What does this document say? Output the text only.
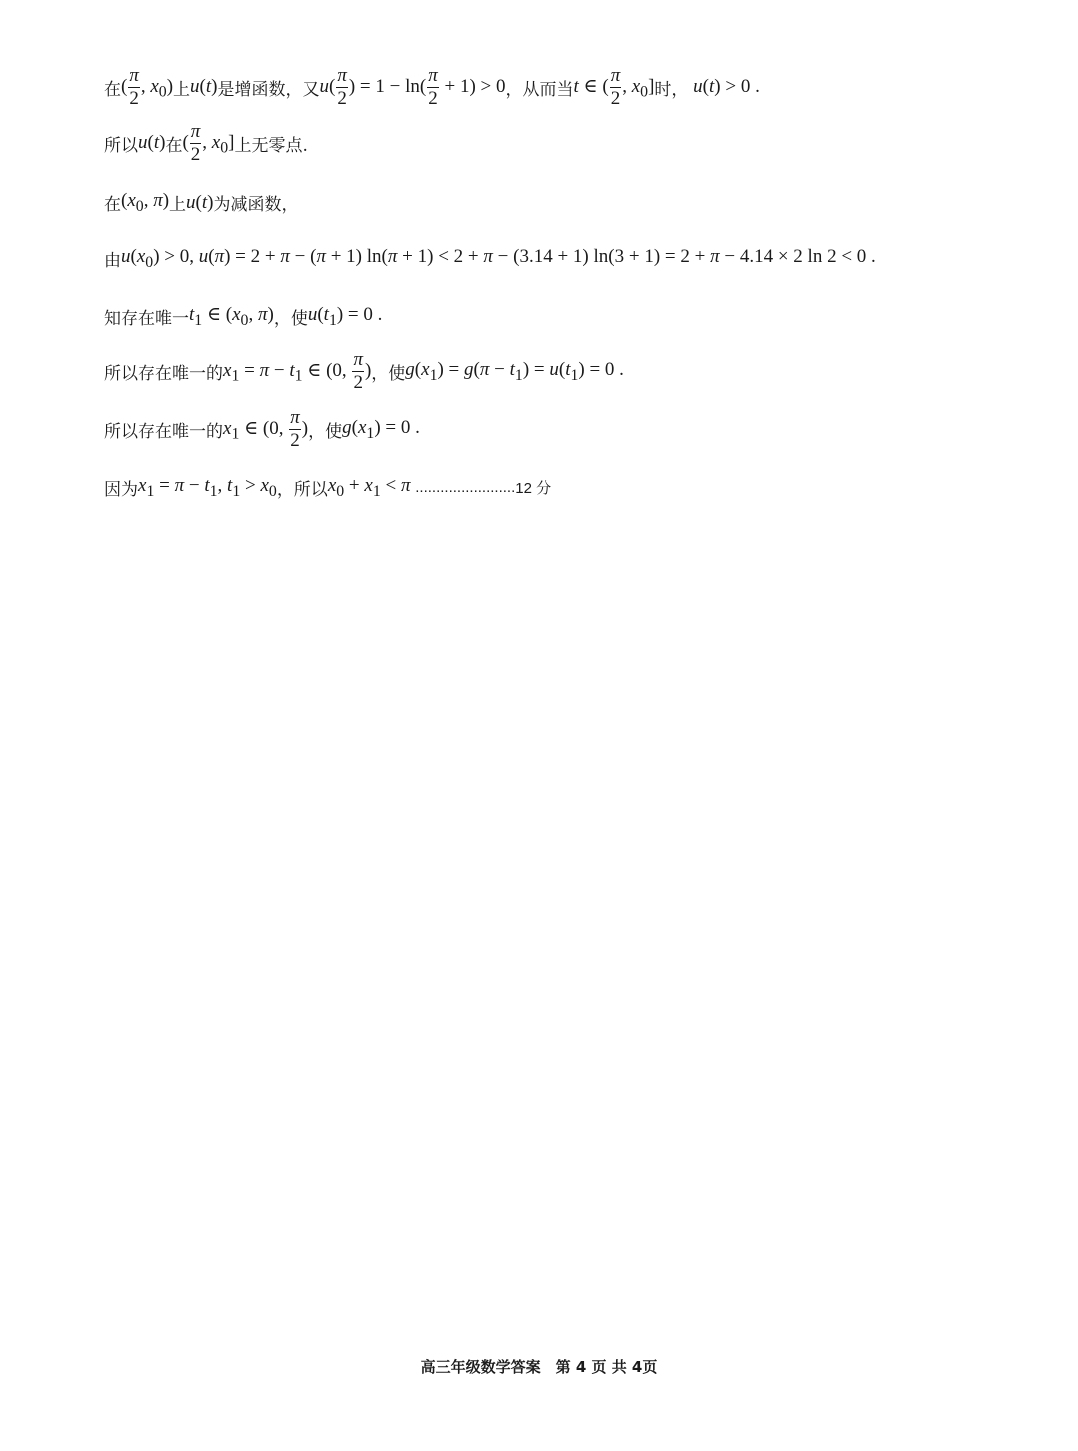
在 ( $\frac{\pi}{2}$ , $x_0$) 上 u(t) 是增函数，又 $u( \frac{\pi}{2}$ ) = $1 - \ln( \frac{\pi}{2} + 1) > 0$ ，从而当 t ∈ ( $\frac{\pi}{2}$ , $x_0$] 时， u(t) > 0 .
所以 u(t) 在 ( $\frac{\pi}{2}$ , $x_0$] 上无零点.
在 ($x_0$, π) 上 u(t) 为减函数，
由 $u(x_0) > 0$, u(π) = 2 + π − (π + 1) ln(π + 1) < 2 + π − (3.14 + 1) ln(3 + 1) = 2 + π − 4.14 × 2 ln 2 < 0 .
知存在唯一 $t_1$ ∈ ($x_0$, π) ，使 $u(t_1) = 0$ .
所以存在唯一的 $x_1 = \pi - t_1$ ∈ (0, $\frac{\pi}{2}$ ) ，使 $g(x_1) = g(\pi - t_1) = u(t_1) = 0$ .
所以存在唯一的 $x_1$ ∈ (0, $\frac{\pi}{2}$ ) ，使 $g(x_1) = 0$ .
因为 $x_1 = \pi - t_1$, $t_1 > x_0$ ，所以 $x_0 + x_1 < \pi$ ........................ 12 分
高三年级数学答案　第 4 页 共 4页
